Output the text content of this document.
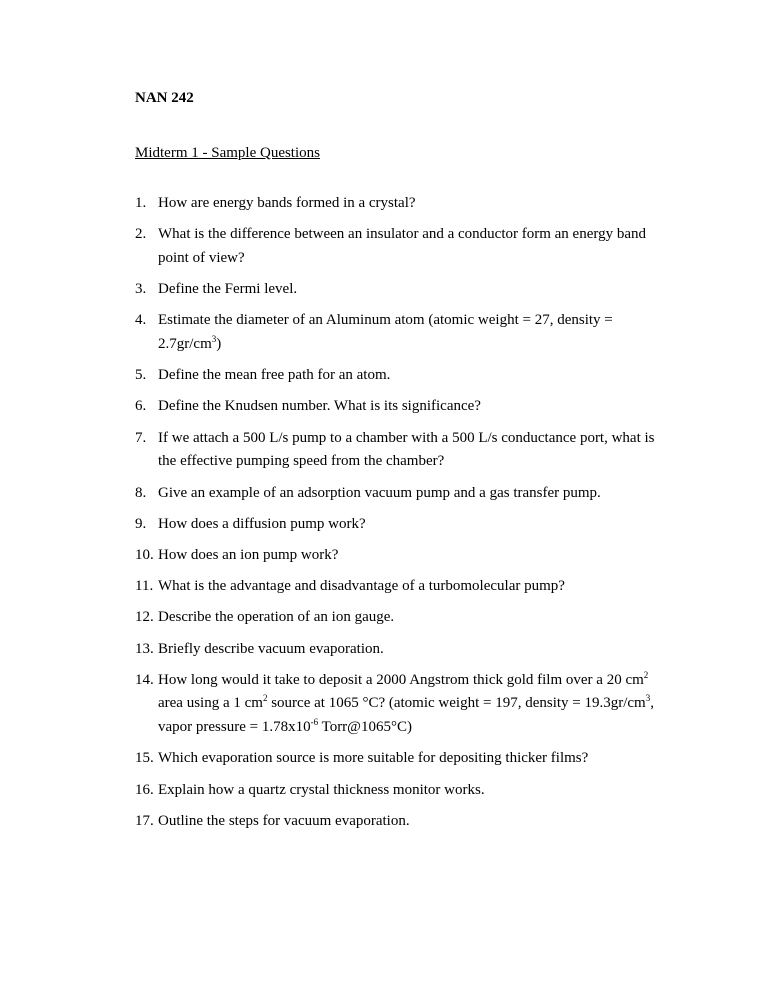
NAN 242

Midterm 1 - Sample Questions

1. How are energy bands formed in a crystal?
2. What is the difference between an insulator and a conductor form an energy band point of view?
3. Define the Fermi level.
4. Estimate the diameter of an Aluminum atom (atomic weight = 27, density = $2.7gr/cm^3$)
5. Define the mean free path for an atom.
6. Define the Knudsen number. What is its significance?
7. If we attach a 500 L/s pump to a chamber with a 500 L/s conductance port, what is the effective pumping speed from the chamber?
8. Give an example of an adsorption vacuum pump and a gas transfer pump.
9. How does a diffusion pump work?
10. How does an ion pump work?
11. What is the advantage and disadvantage of a turbomolecular pump?
12. Describe the operation of an ion gauge.
13. Briefly describe vacuum evaporation.
14. How long would it take to deposit a 2000 Angstrom thick gold film over a 20 $cm^2$ area using a 1 $cm^2$ source at 1065 °C? (atomic weight = 197, density = $19.3gr/cm^3$, vapor pressure = $1.78x10^{-6}$ Torr@1065°C)
15. Which evaporation source is more suitable for depositing thicker films?
16. Explain how a quartz crystal thickness monitor works.
17. Outline the steps for vacuum evaporation.
